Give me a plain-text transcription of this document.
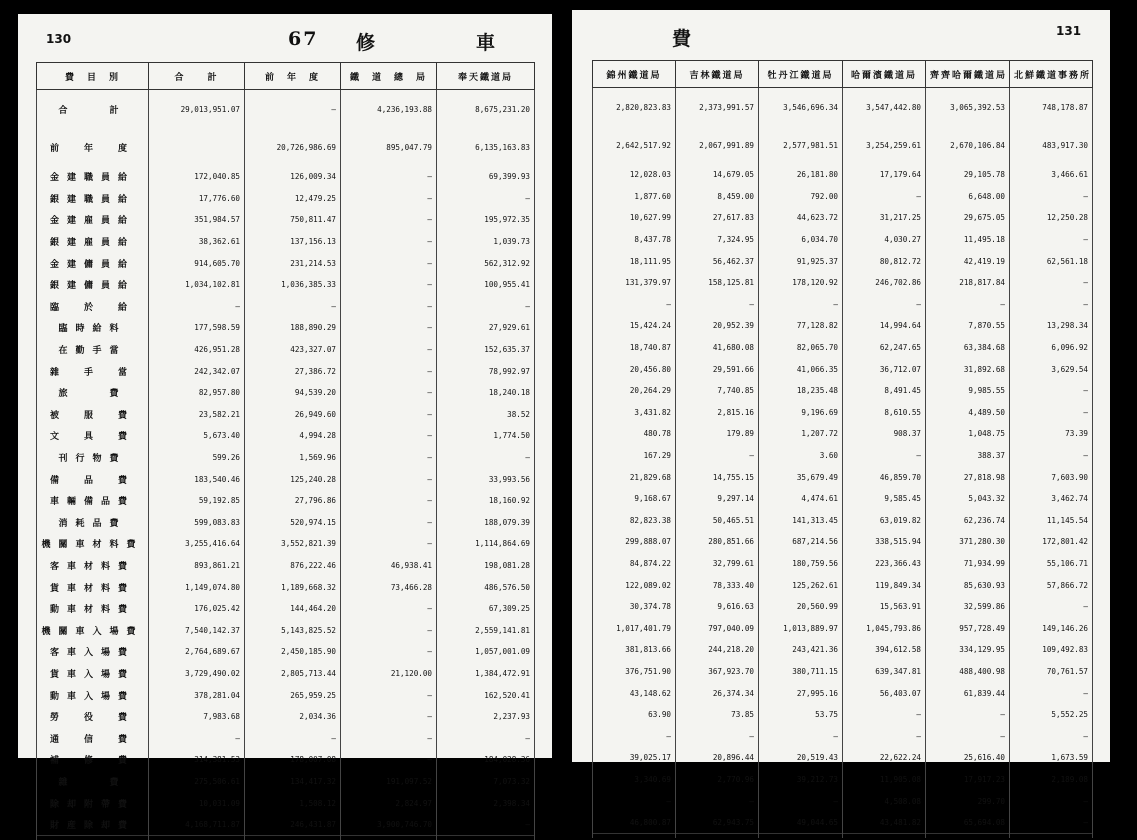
130	67 修	車
費　目　別	合　　計	前　年　度	鐵　道　總　局	奉天鐵道局
合　　計	29,013,951.07	—	4,236,193.88	8,675,231.20
前　年　度		20,726,986.69	895,047.79	6,135,163.83
金建職員給	172,040.85	126,009.34	—	69,399.93
銀建職員給	17,776.60	12,479.25	—	—
金建雇員給	351,984.57	750,811.47	—	195,972.35
銀建雇員給	38,362.61	137,156.13	—	1,039.73
金建傭員給	914,605.70	231,214.53	—	562,312.92
銀建傭員給	1,034,102.81	1,036,385.33	—	100,955.41
臨　於　給	—	—	—	—
臨時給料	177,598.59	188,890.29	—	27,929.61
在勤手當	426,951.28	423,327.07	—	152,635.37
雜　手　當	242,342.07	27,386.72	—	78,992.97
旅　　費	82,957.80	94,539.20	—	18,240.18
被　服　費	23,582.21	26,949.60	—	38.52
文　具　費	5,673.40	4,994.28	—	1,774.50
刊行物費	599.26	1,569.96	—	—
備　品　費	183,540.46	125,240.28	—	33,993.56
車輛備品費	59,192.85	27,796.86	—	18,160.92
消耗品費	599,083.83	520,974.15	—	188,079.39
機關車材料費	3,255,416.64	3,552,821.39	—	1,114,864.69
客車材料費	893,861.21	876,222.46	46,938.41	198,081.28
貨車材料費	1,149,074.80	1,189,668.32	73,466.28	486,576.50
動車材料費	176,025.42	144,464.20	—	67,309.25
機關車入場費	7,540,142.37	5,143,825.52	—	2,559,141.81
客車入場費	2,764,689.67	2,450,185.90	—	1,057,001.09
貨車入場費	3,729,490.02	2,805,713.44	21,120.00	1,384,472.91
動車入場費	378,281.04	265,959.25	—	162,520.41
勞　役　費	7,983.68	2,034.36	—	2,237.93
通　信　費	—	—	—	—
補　修　費	314,381.53	178,007.08	—	184,028.36
雜　　費	275,506.61	134,417.32	191,097.52	7,073.32
除却附帶費	10,031.09	1,508.12	2,824.97	2,398.34
財産除却費	4,168,711.87	246,431.87	3,900,746.70	—

費	131
錦州鐵道局	吉林鐵道局	牡丹江鐵道局	哈爾濱鐵道局	齊齊哈爾鐵道局	北鮮鐵道事務所
2,820,823.83	2,373,991.57	3,546,696.34	3,547,442.80	3,065,392.53	748,178.87
2,642,517.92	2,067,991.89	2,577,981.51	3,254,259.61	2,670,106.84	483,917.30
12,028.03	14,679.05	26,181.80	17,179.64	29,105.78	3,466.61
1,877.60	8,459.00	792.00	—	6,648.00	—
10,627.99	27,617.83	44,623.72	31,217.25	29,675.05	12,250.28
8,437.78	7,324.95	6,034.70	4,030.27	11,495.18	—
18,111.95	56,462.37	91,925.37	80,812.72	42,419.19	62,561.18
131,379.97	158,125.81	178,120.92	246,702.86	218,817.84	—
—	—	—	—	—	—
15,424.24	20,952.39	77,128.82	14,994.64	7,870.55	13,298.34
18,740.87	41,680.08	82,065.70	62,247.65	63,384.68	6,096.92
20,456.80	29,591.66	41,066.35	36,712.07	31,892.68	3,629.54
20,264.29	7,740.85	18,235.48	8,491.45	9,985.55	—
3,431.82	2,815.16	9,196.69	8,610.55	4,489.50	—
480.78	179.89	1,207.72	908.37	1,048.75	73.39
167.29	—	3.60	—	388.37	—
21,829.68	14,755.15	35,679.49	46,859.70	27,818.98	7,603.90
9,168.67	9,297.14	4,474.61	9,585.45	5,043.32	3,462.74
82,823.38	50,465.51	141,313.45	63,019.82	62,236.74	11,145.54
299,888.07	280,851.66	687,214.56	338,515.94	371,280.30	172,801.42
84,874.22	32,799.61	180,759.56	223,366.43	71,934.99	55,106.71
122,089.02	78,333.40	125,262.61	119,849.34	85,630.93	57,866.72
30,374.78	9,616.63	20,560.99	15,563.91	32,599.86	—
1,017,401.79	797,040.09	1,013,889.97	1,045,793.86	957,728.49	149,146.26
381,813.66	244,218.20	243,421.36	394,612.58	334,129.95	109,492.83
376,751.90	367,923.70	380,711.15	639,347.81	488,400.98	70,761.57
43,148.62	26,374.34	27,995.16	56,403.07	61,839.44	—
63.90	73.85	53.75	—	—	5,552.25
—	—	—	—	—	—
39,025.17	20,896.44	20,519.43	22,622.24	25,616.40	1,673.59
3,340.69	2,770.96	39,212.73	11,905.08	17,917.23	2,189.08
—	—	—	4,508.08	299.70	—
46,800.87	62,943.75	49,044.65	43,481.82	65,694.08	—
